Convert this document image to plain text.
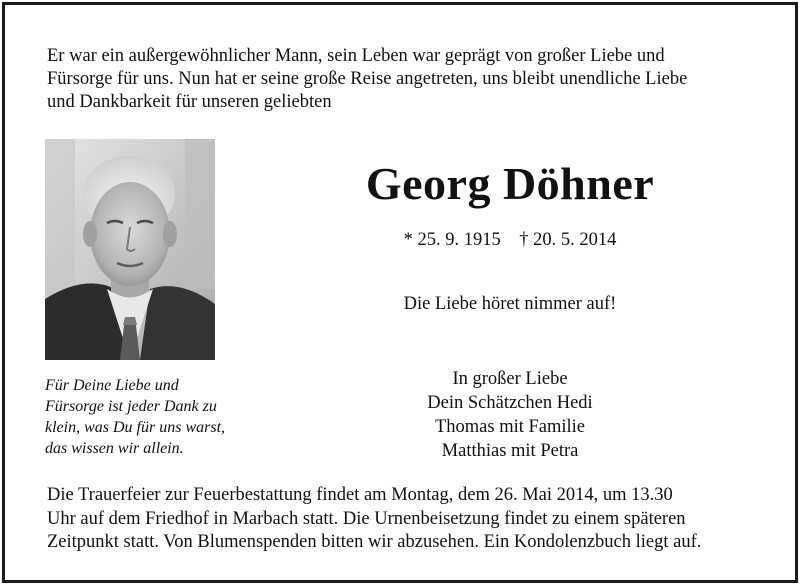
Er war ein außergewöhnlicher Mann, sein Leben war geprägt von großer Liebe und
Fürsorge für uns. Nun hat er seine große Reise angetreten, uns bleibt unendliche Liebe
und Dankbarkeit für unseren geliebten

Georg Döhner

* 25. 9. 1915 † 20. 5. 2014

Die Liebe höret nimmer auf!

Für Deine Liebe und
Fürsorge ist jeder Dank zu
klein, was Du für uns warst,
das wissen wir allein.

In großer Liebe
Dein Schätzchen Hedi
Thomas mit Familie
Matthias mit Petra

Die Trauerfeier zur Feuerbestattung findet am Montag, dem 26. Mai 2014, um 13.30
Uhr auf dem Friedhof in Marbach statt. Die Urnenbeisetzung findet zu einem späteren
Zeitpunkt statt. Von Blumenspenden bitten wir abzusehen. Ein Kondolenzbuch liegt auf.
